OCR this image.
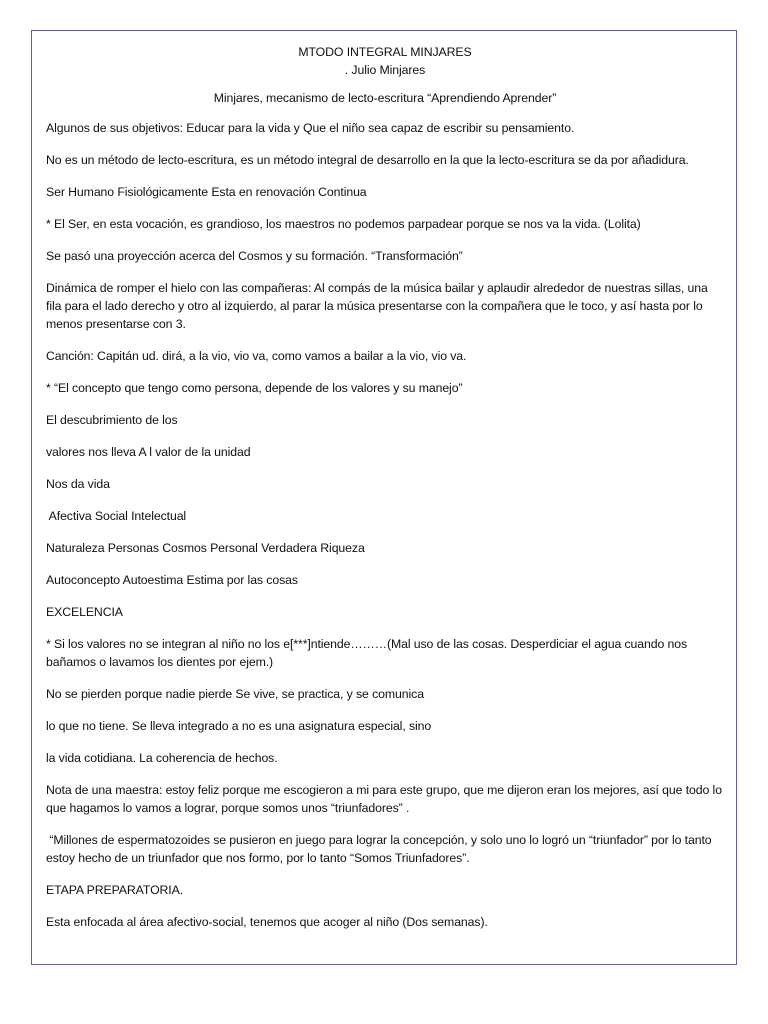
MTODO INTEGRAL MINJARES
. Julio Minjares
Minjares, mecanismo de lecto-escritura “Aprendiendo Aprender”

Algunos de sus objetivos: Educar para la vida y Que el niño sea capaz de escribir su pensamiento.

No es un método de lecto-escritura, es un método integral de desarrollo en la que la lecto-escritura se da por añadidura.

Ser Humano Fisiológicamente Esta en renovación Continua

* El Ser, en esta vocación, es grandioso, los maestros no podemos parpadear porque se nos va la vida. (Lolita)

Se pasó una proyección acerca del Cosmos y su formación. “Transformación”

Dinámica de romper el hielo con las compañeras: Al compás de la música bailar y aplaudir alrededor de nuestras sillas, una fila para el lado derecho y otro al izquierdo, al parar la música presentarse con la compañera que le toco, y así hasta por lo menos presentarse con 3.

Canción: Capitán ud. dirá, a la vio, vio va, como vamos a bailar a la vio, vio va.

* “El concepto que tengo como persona, depende de los valores y su manejo”

El descubrimiento de los

valores nos lleva A l valor de la unidad

Nos da vida

Afectiva Social Intelectual

Naturaleza Personas Cosmos Personal Verdadera Riqueza

Autoconcepto Autoestima Estima por las cosas

EXCELENCIA

* Si los valores no se integran al niño no los e[***]ntiende………(Mal uso de las cosas. Desperdiciar el agua cuando nos bañamos o lavamos los dientes por ejem.)

No se pierden porque nadie pierde Se vive, se practica, y se comunica

lo que no tiene. Se lleva integrado a no es una asignatura especial, sino

la vida cotidiana. La coherencia de hechos.

Nota de una maestra: estoy feliz porque me escogieron a mi para este grupo, que me dijeron eran los mejores, así que todo lo que hagamos lo vamos a lograr, porque somos unos “triunfadores” .

“Millones de espermatozoides se pusieron en juego para lograr la concepción, y solo uno lo logró un “triunfador” por lo tanto estoy hecho de un triunfador que nos formo, por lo tanto “Somos Triunfadores”.

ETAPA PREPARATORIA.

Esta enfocada al área afectivo-social, tenemos que acoger al niño (Dos semanas).
